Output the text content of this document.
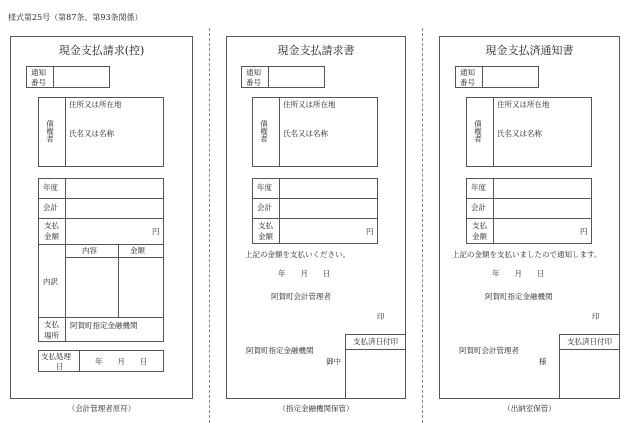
様式第25号（第87条、第93条関係）
現金支払請求(控)
通知
番号
債権者
住所又は所在地
氏名又は名称
年度
会計
支払
金額
円
内訳
内容	金額
支払
場所
阿賀町指定金融機関
支払処理
日
年　　月　　日
（会計管理者原符）
現金支払請求書
通知
番号
債権者
住所又は所在地
氏名又は名称
年度
会計
支払
金額
円
上記の金額を支払いください。
年　　月　　日
阿賀町会計管理者
印
支払済日付印
阿賀町指定金融機関
御中
（指定金融機関保管）
現金支払済通知書
通知
番号
債権者
住所又は所在地
氏名又は名称
年度
会計
支払
金額
円
上記の金額を支払いましたので通知します。
年　　月　　日
阿賀町指定金融機関
印
支払済日付印
阿賀町会計管理者
様
（出納室保管）
